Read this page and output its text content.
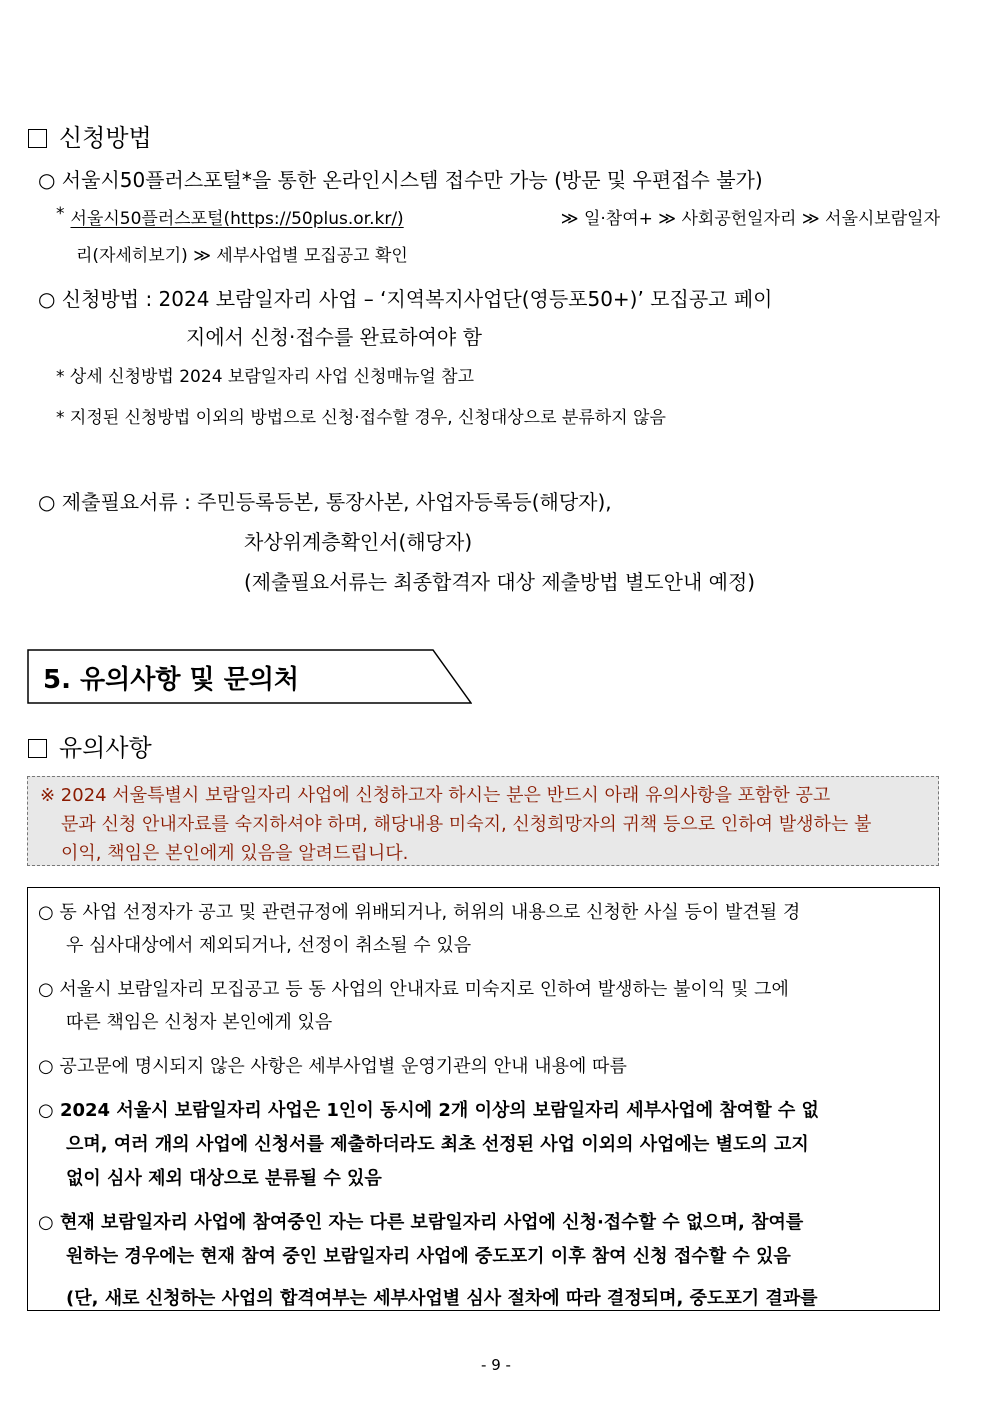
신청방법
○ 서울시50플러스포털*을 통한 온라인시스템 접수만 가능 (방문 및 우편접수 불가)
* 서울시50플러스포털(https://50plus.or.kr/)	≫ 일·참여+ ≫ 사회공헌일자리 ≫ 서울시보람일자
리(자세히보기) ≫ 세부사업별 모집공고 확인
○ 신청방법 : 2024 보람일자리 사업 – ‘지역복지사업단(영등포50+)’ 모집공고 페이
지에서 신청·접수를 완료하여야 함
* 상세 신청방법 2024 보람일자리 사업 신청매뉴얼 참고
* 지정된 신청방법 이외의 방법으로 신청·접수할 경우, 신청대상으로 분류하지 않음
○ 제출필요서류 : 주민등록등본, 통장사본, 사업자등록등(해당자),
차상위계층확인서(해당자)
(제출필요서류는 최종합격자 대상 제출방법 별도안내 예정)
5. 유의사항 및 문의처
유의사항
※ 2024 서울특별시 보람일자리 사업에 신청하고자 하시는 분은 반드시 아래 유의사항을 포함한 공고
문과 신청 안내자료를 숙지하셔야 하며, 해당내용 미숙지, 신청희망자의 귀책 등으로 인하여 발생하는 불
이익, 책임은 본인에게 있음을 알려드립니다.
○ 동 사업 선정자가 공고 및 관련규정에 위배되거나, 허위의 내용으로 신청한 사실 등이 발견될 경
우 심사대상에서 제외되거나, 선정이 취소될 수 있음
○ 서울시 보람일자리 모집공고 등 동 사업의 안내자료 미숙지로 인하여 발생하는 불이익 및 그에
따른 책임은 신청자 본인에게 있음
○ 공고문에 명시되지 않은 사항은 세부사업별 운영기관의 안내 내용에 따름
○ 2024 서울시 보람일자리 사업은 1인이 동시에 2개 이상의 보람일자리 세부사업에 참여할 수 없
으며, 여러 개의 사업에 신청서를 제출하더라도 최초 선정된 사업 이외의 사업에는 별도의 고지
없이 심사 제외 대상으로 분류될 수 있음
○ 현재 보람일자리 사업에 참여중인 자는 다른 보람일자리 사업에 신청·접수할 수 없으며, 참여를
원하는 경우에는 현재 참여 중인 보람일자리 사업에 중도포기 이후 참여 신청 접수할 수 있음
(단, 새로 신청하는 사업의 합격여부는 세부사업별 심사 절차에 따라 결정되며, 중도포기 결과를
- 9 -
